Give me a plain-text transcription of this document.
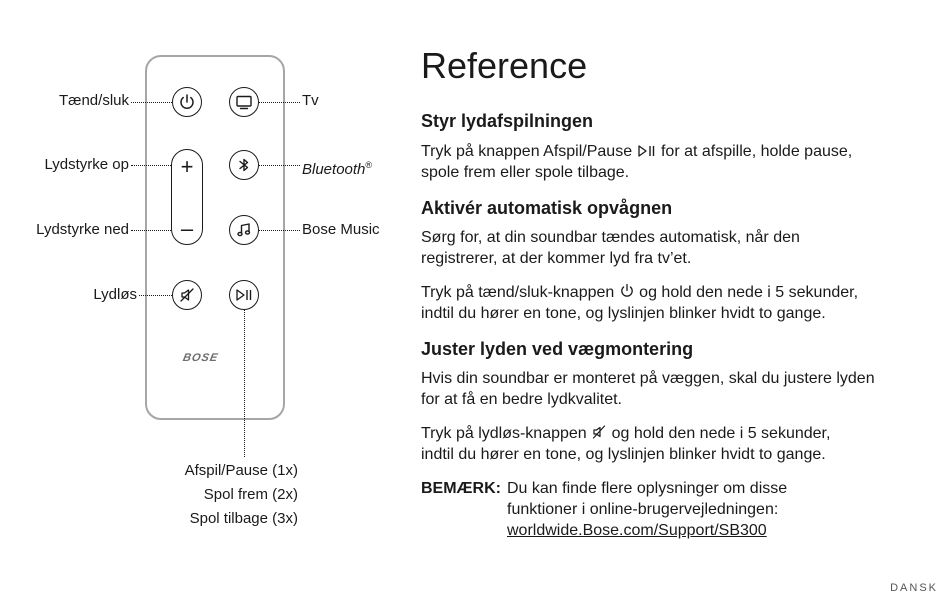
+
–
BOSE
Tænd/sluk	Tv
Lydstyrke op	Bluetooth®
Lydstyrke ned	Bose Music
Lydløs
Afspil/Pause (1x)
Spol frem (2x)
Spol tilbage (3x)
Reference
Styr lydafspilningen

Tryk på knappen Afspil/Pause  for at afspille, holde pause,
spole frem eller spole tilbage.

Aktivér automatisk opvågnen

Sørg for, at din soundbar tændes automatisk, når den
registrerer, at der kommer lyd fra tv’et.

Tryk på tænd/sluk-knappen  og hold den nede i 5 sekunder,
indtil du hører en tone, og lyslinjen blinker hvidt to gange.

Juster lyden ved vægmontering

Hvis din soundbar er monteret på væggen, skal du justere lyden
for at få en bedre lydkvalitet.

Tryk på lydløs-knappen  og hold den nede i 5 sekunder,
indtil du hører en tone, og lyslinjen blinker hvidt to gange.

BEMÆRK: Du kan finde flere oplysninger om disse
funktioner i online-brugervejledningen:
worldwide.Bose.com/Support/SB300
DANSK
